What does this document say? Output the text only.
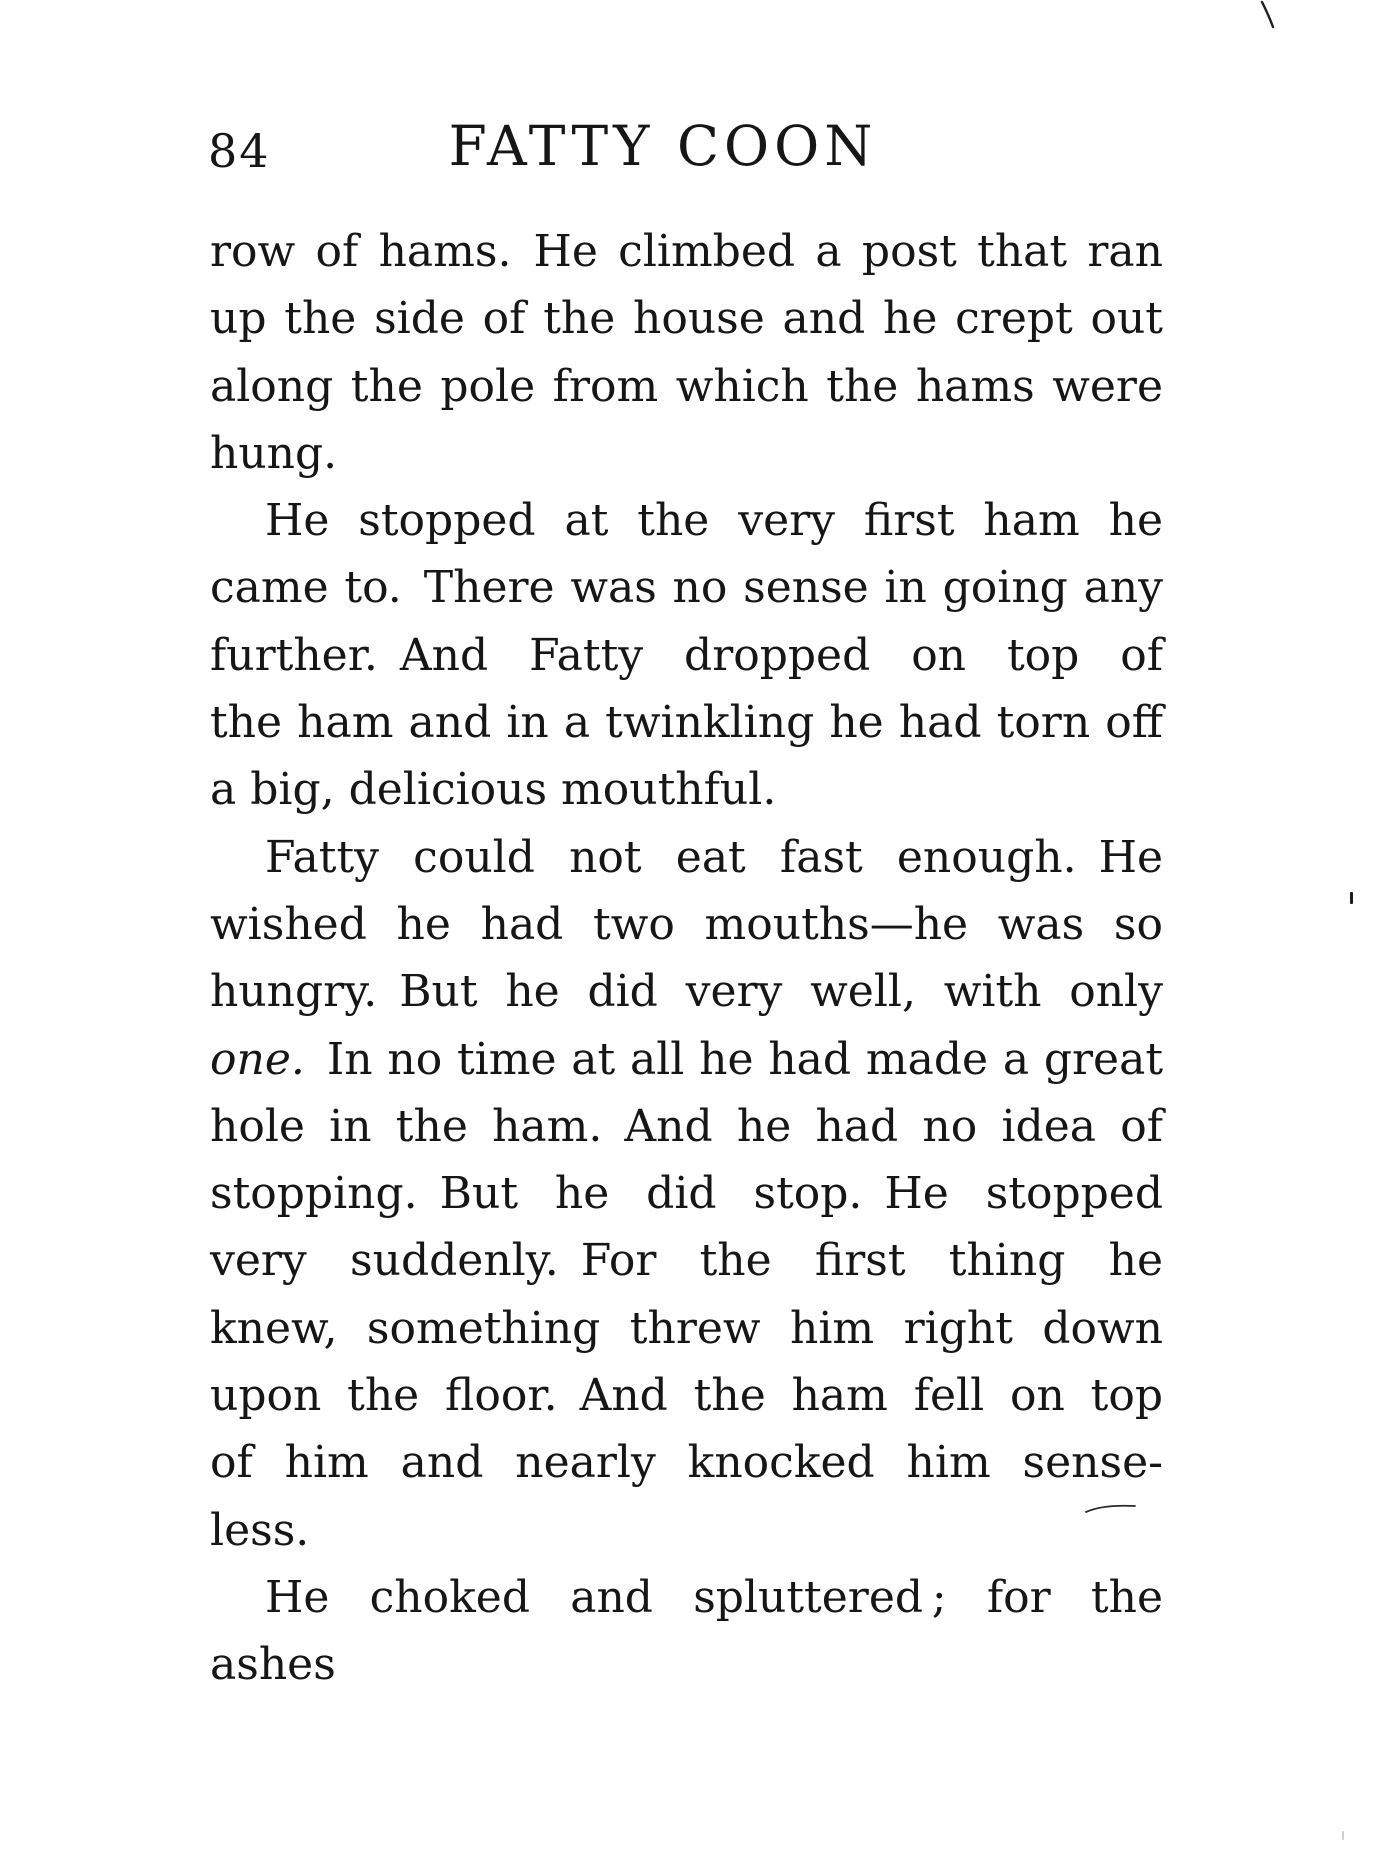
84	FATTY COON
row of hams. He climbed a post that ran
up the side of the house and he crept out
along the pole from which the hams were
hung.
He stopped at the very first ham he
came to. There was no sense in going any
further. And Fatty dropped on top of
the ham and in a twinkling he had torn off
a big, delicious mouthful.
Fatty could not eat fast enough. He
wished he had two mouths—he was so
hungry. But he did very well, with only
one. In no time at all he had made a great
hole in the ham. And he had no idea of
stopping. But he did stop. He stopped
very suddenly. For the first thing he
knew, something threw him right down
upon the floor. And the ham fell on top
of him and nearly knocked him sense-
less.
He choked and spluttered ; for the ashes
